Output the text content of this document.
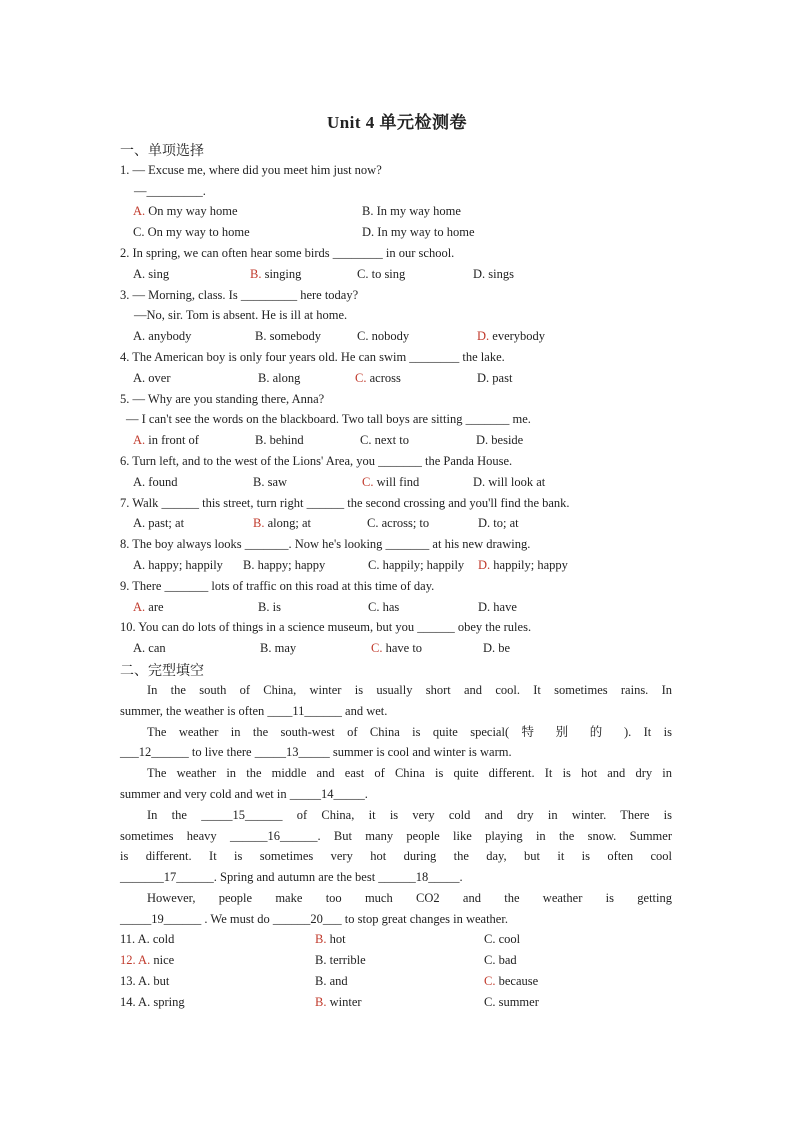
Unit 4 单元检测卷
一、单项选择
1. — Excuse me, where did you meet him just now?
—_________.
A. On my way home	B. In my way home
C. On my way to home	D. In my way to home
2. In spring, we can often hear some birds ________ in our school.
A. sing	B. singing	C. to sing	D. sings
3. — Morning, class. Is _________ here today?
—No, sir. Tom is absent. He is ill at home.
A. anybody	B. somebody	C. nobody	D. everybody
4. The American boy is only four years old. He can swim ________ the lake.
A. over	B. along	C. across	D. past
5. — Why are you standing there, Anna?
— I can't see the words on the blackboard. Two tall boys are sitting _______ me.
A. in front of	B. behind	C. next to	D. beside
6. Turn left, and to the west of the Lions' Area, you _______ the Panda House.
A. found	B. saw	C. will find	D. will look at
7. Walk ______ this street, turn right ______ the second crossing and you'll find the bank.
A. past; at	B. along; at	C. across; to	D. to; at
8. The boy always looks _______. Now he's looking _______ at his new drawing.
A. happy; happily B. happy; happy	C. happily; happily D. happily; happy
9. There _______ lots of traffic on this road at this time of day.
A. are	B. is	C. has	D. have
10. You can do lots of things in a science museum, but you ______ obey the rules.
A. can	B. may	C. have to	D. be
二、完型填空
In the south of China, winter is usually short and cool. It sometimes rains. In
summer, the weather is often ____11______ and wet.
The weather in the south-west of China is quite special( 特 别 的 ). It is
___12______ to live there _____13_____ summer is cool and winter is warm.
The weather in the middle and east of China is quite different. It is hot and dry in
summer and very cold and wet in _____14_____.
In the _____15______ of China, it is very cold and dry in winter. There is
sometimes heavy ______16______. But many people like playing in the snow. Summer
is different. It is sometimes very hot during the day, but it is often cool
_______17______. Spring and autumn are the best ______18_____.
However, people make too much CO2 and the weather is getting
_____19______ . We must do ______20___ to stop great changes in weather.
11. A. cold	B. hot	C. cool
12. A. nice	B. terrible	C. bad
13. A. but	B. and	C. because
14. A. spring	B. winter	C. summer
